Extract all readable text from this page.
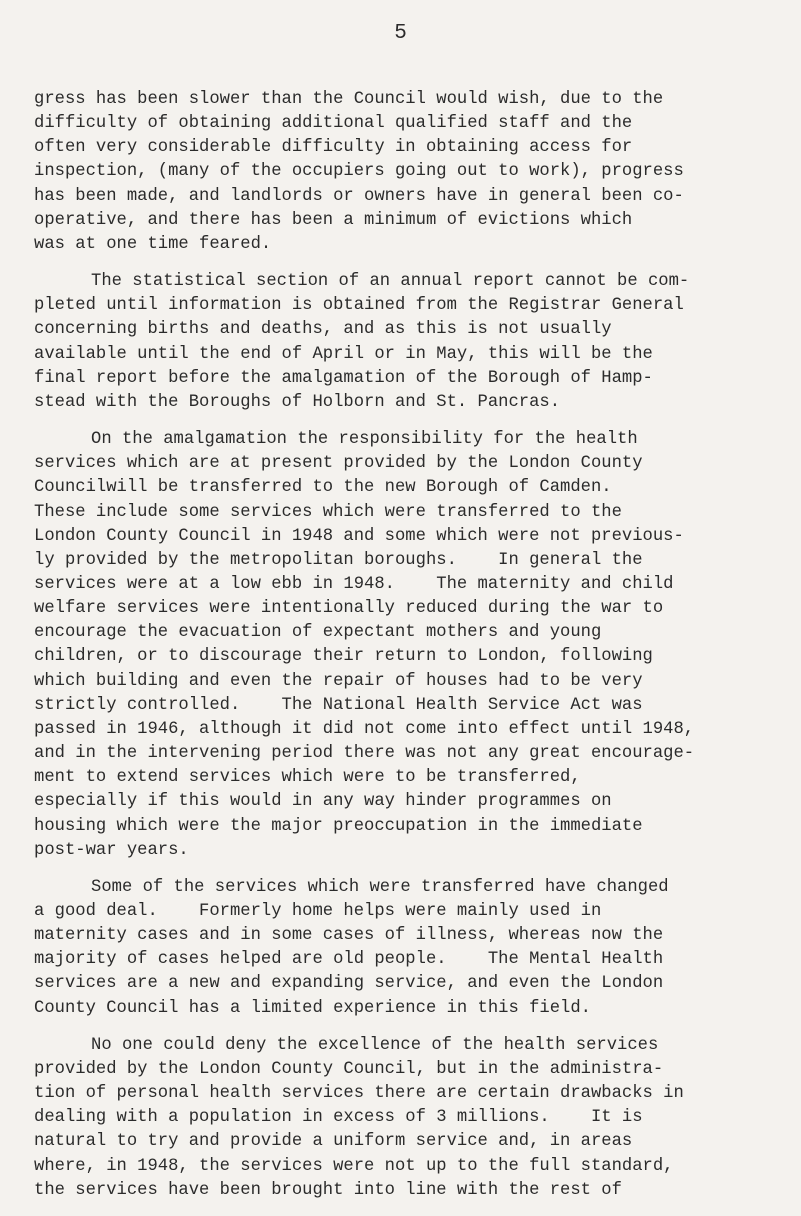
5
gress has been slower than the Council would wish, due to the
difficulty of obtaining additional qualified staff and the
often very considerable difficulty in obtaining access for
inspection, (many of the occupiers going out to work), progress
has been made, and landlords or owners have in general been co-
operative, and there has been a minimum of evictions which
was at one time feared.
The statistical section of an annual report cannot be com-
pleted until information is obtained from the Registrar General
concerning births and deaths, and as this is not usually
available until the end of April or in May, this will be the
final report before the amalgamation of the Borough of Hamp-
stead with the Boroughs of Holborn and St. Pancras.
On the amalgamation the responsibility for the health
services which are at present provided by the London County
Councilwill be transferred to the new Borough of Camden.
These include some services which were transferred to the
London County Council in 1948 and some which were not previous-
ly provided by the metropolitan boroughs.    In general the
services were at a low ebb in 1948.    The maternity and child
welfare services were intentionally reduced during the war to
encourage the evacuation of expectant mothers and young
children, or to discourage their return to London, following
which building and even the repair of houses had to be very
strictly controlled.    The National Health Service Act was
passed in 1946, although it did not come into effect until 1948,
and in the intervening period there was not any great encourage-
ment to extend services which were to be transferred,
especially if this would in any way hinder programmes on
housing which were the major preoccupation in the immediate
post-war years.
Some of the services which were transferred have changed
a good deal.    Formerly home helps were mainly used in
maternity cases and in some cases of illness, whereas now the
majority of cases helped are old people.    The Mental Health
services are a new and expanding service, and even the London
County Council has a limited experience in this field.
No one could deny the excellence of the health services
provided by the London County Council, but in the administra-
tion of personal health services there are certain drawbacks in
dealing with a population in excess of 3 millions.    It is
natural to try and provide a uniform service and, in areas
where, in 1948, the services were not up to the full standard,
the services have been brought into line with the rest of
